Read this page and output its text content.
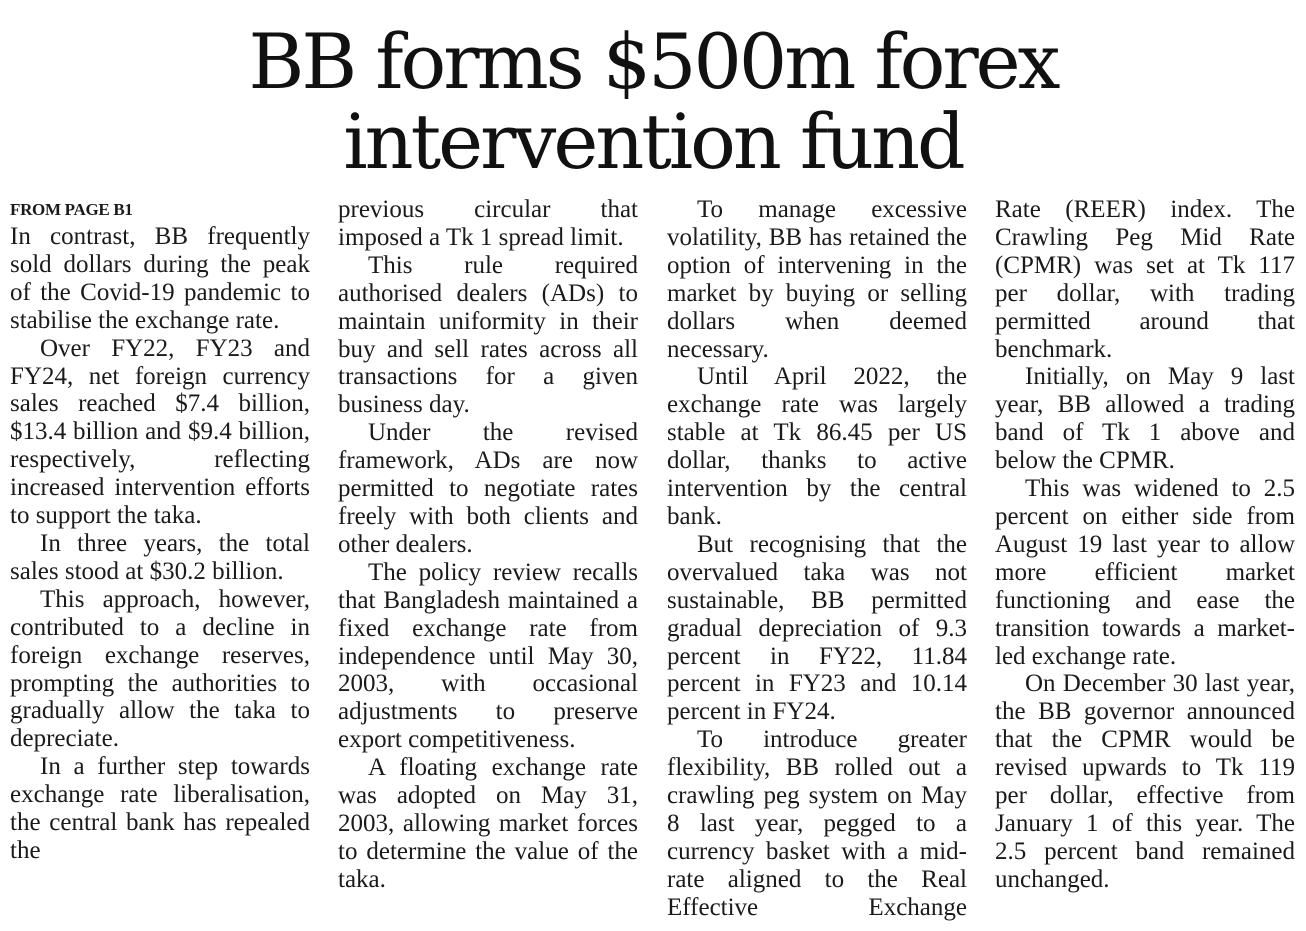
BB forms $500m forex
intervention fund
FROM PAGE B1

In contrast, BB frequently sold dollars during the peak of the Covid-19 pandemic to stabilise the exchange rate.

Over FY22, FY23 and FY24, net foreign currency sales reached $7.4 billion, $13.4 billion and $9.4 billion, respectively, reflecting increased intervention efforts to support the taka.

In three years, the total sales stood at $30.2 billion.

This approach, however, contributed to a decline in foreign exchange reserves, prompting the authorities to gradually allow the taka to depreciate.

In a further step towards exchange rate liberalisation, the central bank has repealed the

previous circular that imposed a Tk 1 spread limit.

This rule required authorised dealers (ADs) to maintain uniformity in their buy and sell rates across all transactions for a given business day.

Under the revised framework, ADs are now permitted to negotiate rates freely with both clients and other dealers.

The policy review recalls that Bangladesh maintained a fixed exchange rate from independence until May 30, 2003, with occasional adjustments to preserve export competitiveness.

A floating exchange rate was adopted on May 31, 2003, allowing market forces to determine the value of the taka.

To manage excessive volatility, BB has retained the option of intervening in the market by buying or selling dollars when deemed necessary.

Until April 2022, the exchange rate was largely stable at Tk 86.45 per US dollar, thanks to active intervention by the central bank.

But recognising that the overvalued taka was not sustainable, BB permitted gradual depreciation of 9.3 percent in FY22, 11.84 percent in FY23 and 10.14 percent in FY24.

To introduce greater flexibility, BB rolled out a crawling peg system on May 8 last year, pegged to a currency basket with a mid-rate aligned to the Real Effective Exchange

Rate (REER) index. The Crawling Peg Mid Rate (CPMR) was set at Tk 117 per dollar, with trading permitted around that benchmark.

Initially, on May 9 last year, BB allowed a trading band of Tk 1 above and below the CPMR.

This was widened to 2.5 percent on either side from August 19 last year to allow more efficient market functioning and ease the transition towards a market-led exchange rate.

On December 30 last year, the BB governor announced that the CPMR would be revised upwards to Tk 119 per dollar, effective from January 1 of this year. The 2.5 percent band remained unchanged.
